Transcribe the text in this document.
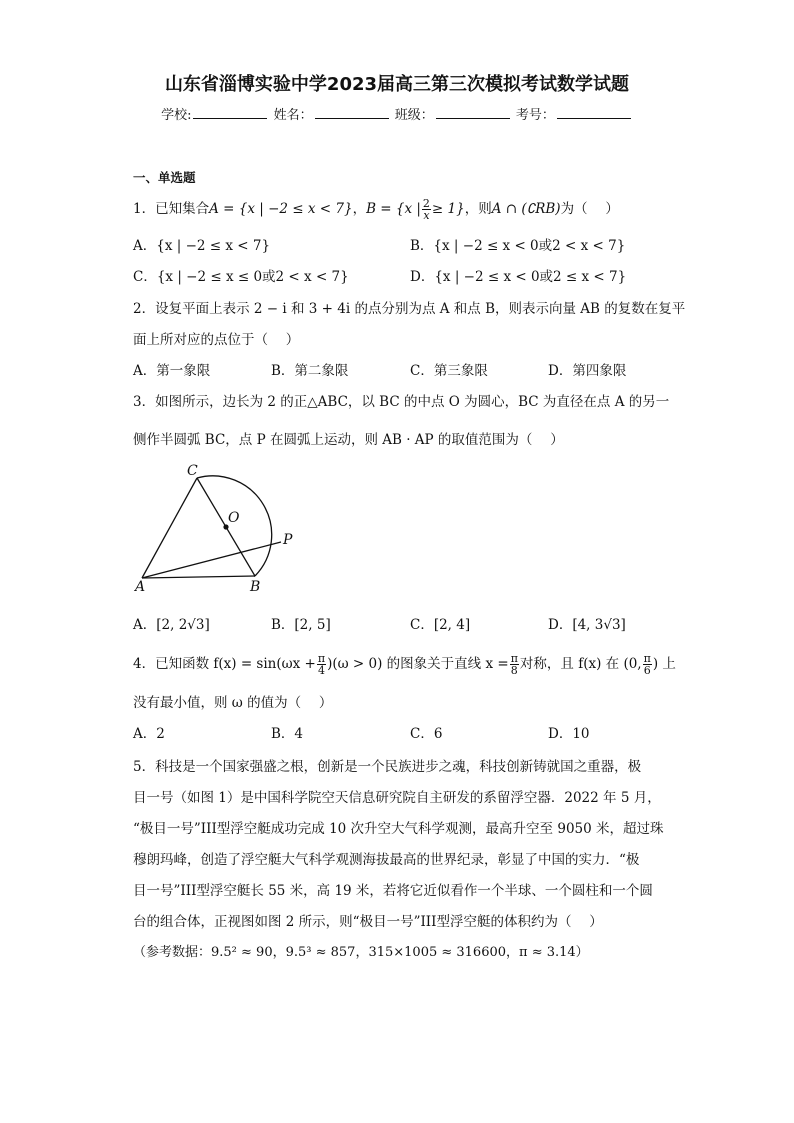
山东省淄博实验中学2023届高三第三次模拟考试数学试题
学校:	姓名：	班级：	考号：
一、单选题
1．已知集合A = {x | −2 ≤ x < 7}，B = {x | $\frac{2}{x} \ge 1$}，则A ∩ (∁RB)为（　 ）
A．{x | −2 ≤ x < 7}	B．{x | −2 ≤ x < 0或2 < x < 7}
C．{x | −2 ≤ x ≤ 0或2 < x < 7}	D．{x | −2 ≤ x < 0或2 ≤ x < 7}
2．设复平面上表示 2 − i 和 3 + 4i 的点分别为点 A 和点 B，则表示向量 AB 的复数在复平
面上所对应的点位于（　 ）
A．第一象限	B．第二象限	C．第三象限	D．第四象限
3．如图所示，边长为 2 的正△ABC，以 BC 的中点 O 为圆心，BC 为直径在点 A 的另一
侧作半圆弧 BC，点 P 在圆弧上运动，则 AB · AP 的取值范围为（　 ）
C
O
P
A	B
A．[2, 2√3]	B．[2, 5]	C．[2, 4]	D．[4, 3√3]
4．已知函数 $f(x) = \sin(\omega x + \frac{\pi}{4} )(\omega > 0)$ 的图象关于直线 $x = \frac{\pi}{8}$ 对称，且 f(x) 在 (0, $\frac{\pi}{6}$ ) 上
没有最小值，则 ω 的值为（　 ）
A．2	B．4	C．6	D．10
5．科技是一个国家强盛之根，创新是一个民族进步之魂，科技创新铸就国之重器，极
目一号（如图 1）是中国科学院空天信息研究院自主研发的系留浮空器．2022 年 5 月，
“极目一号”III型浮空艇成功完成 10 次升空大气科学观测，最高升空至 9050 米，超过珠
穆朗玛峰，创造了浮空艇大气科学观测海拔最高的世界纪录，彰显了中国的实力．“极
目一号”III型浮空艇长 55 米，高 19 米，若将它近似看作一个半球、一个圆柱和一个圆
台的组合体，正视图如图 2 所示，则“极目一号”III型浮空艇的体积约为（　 ）
（参考数据：9.5² ≈ 90，9.5³ ≈ 857，315×1005 ≈ 316600，π ≈ 3.14）
